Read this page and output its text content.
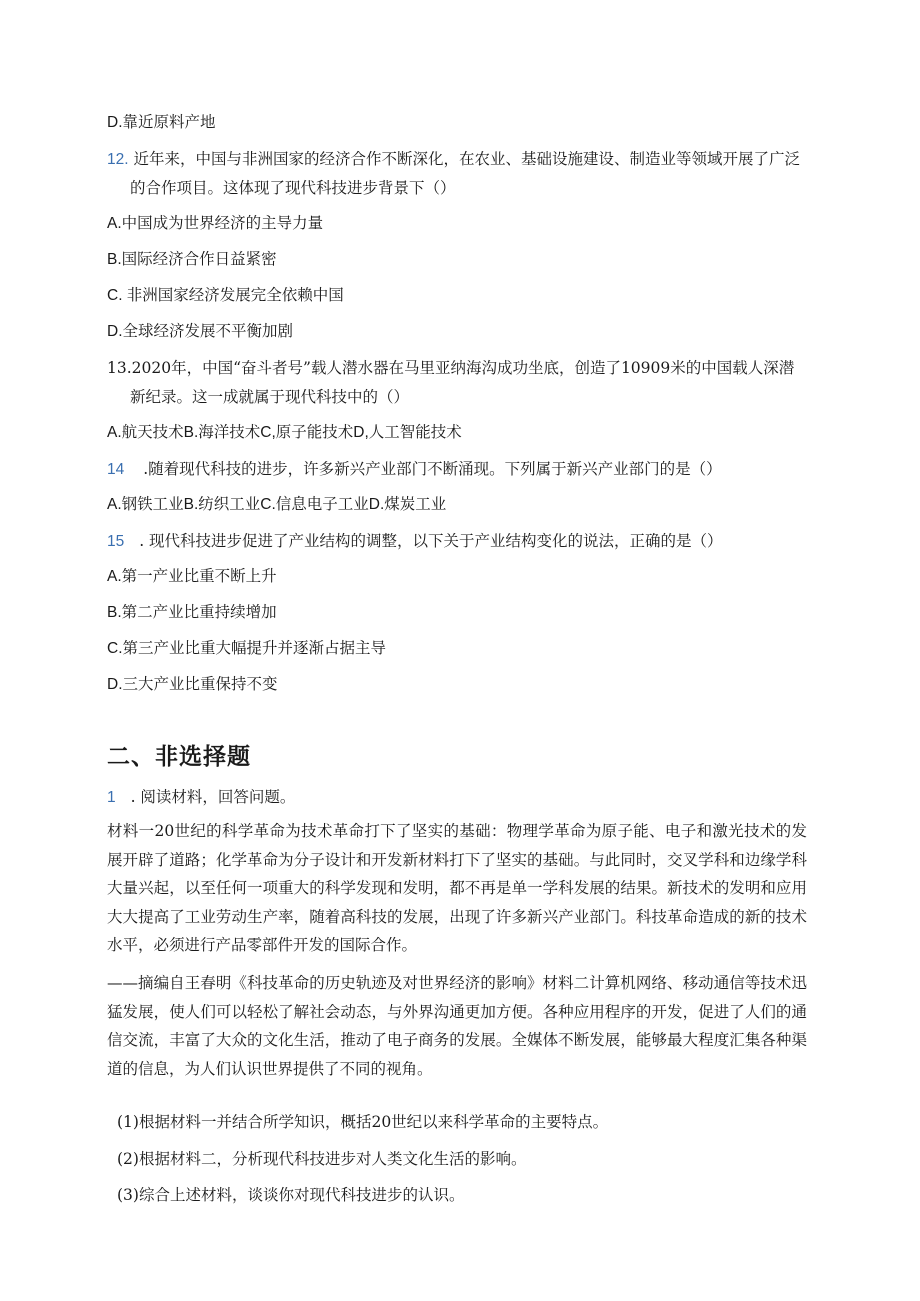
D.靠近原料产地
12. 近年来，中国与非洲国家的经济合作不断深化，在农业、基础设施建设、制造业等领域开展了广泛
的合作项目。这体现了现代科技进步背景下（）
A.中国成为世界经济的主导力量
B.国际经济合作日益紧密
C. 非洲国家经济发展完全依赖中国
D.全球经济发展不平衡加剧
13.2020年，中国“奋斗者号”载人潜水器在马里亚纳海沟成功坐底，创造了10909米的中国载人深潜
新纪录。这一成就属于现代科技中的（）
A.航天技术B.海洋技术C,原子能技术D,人工智能技术
14 .随着现代科技的进步，许多新兴产业部门不断涌现。下列属于新兴产业部门的是（）
A.钢铁工业B.纺织工业C.信息电子工业D.煤炭工业
15 . 现代科技进步促进了产业结构的调整，以下关于产业结构变化的说法，正确的是（）
A.第一产业比重不断上升
B.第二产业比重持续增加
C.第三产业比重大幅提升并逐渐占据主导
D.三大产业比重保持不变
二、非选择题
1 . 阅读材料，回答问题。
材料一20世纪的科学革命为技术革命打下了坚实的基础：物理学革命为原子能、电子和激光技术的发展开辟了道路；化学革命为分子设计和开发新材料打下了坚实的基础。与此同时，交叉学科和边缘学科大量兴起，以至任何一项重大的科学发现和发明，都不再是单一学科发展的结果。新技术的发明和应用大大提高了工业劳动生产率，随着高科技的发展，出现了许多新兴产业部门。科技革命造成的新的技术水平，必须进行产品零部件开发的国际合作。
——摘编自王春明《科技革命的历史轨迹及对世界经济的影响》材料二计算机网络、移动通信等技术迅猛发展，使人们可以轻松了解社会动态，与外界沟通更加方便。各种应用程序的开发，促进了人们的通信交流，丰富了大众的文化生活，推动了电子商务的发展。全媒体不断发展，能够最大程度汇集各种渠道的信息，为人们认识世界提供了不同的视角。
(1)根据材料一并结合所学知识，概括20世纪以来科学革命的主要特点。
(2)根据材料二，分析现代科技进步对人类文化生活的影响。
(3)综合上述材料，谈谈你对现代科技进步的认识。
